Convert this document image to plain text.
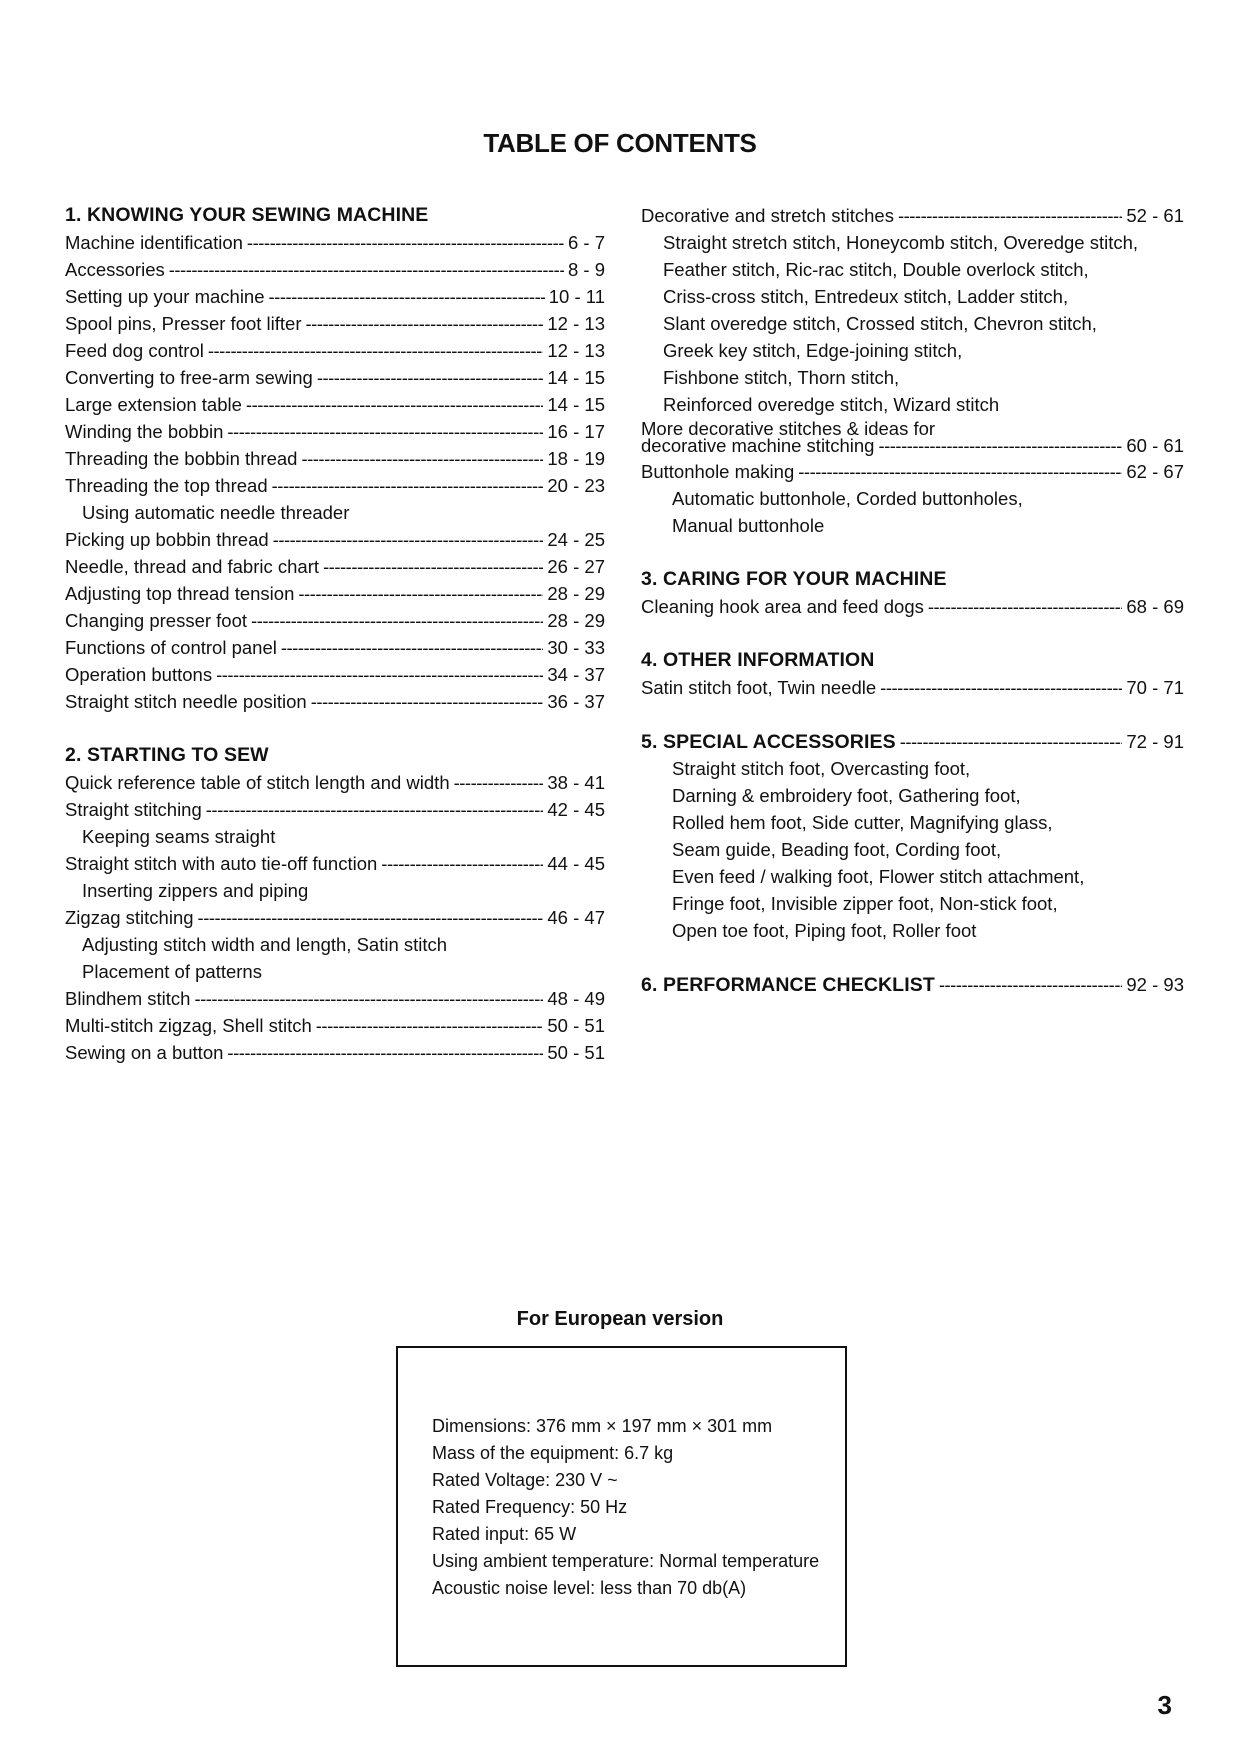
TABLE OF CONTENTS
1. KNOWING YOUR SEWING MACHINE
Machine identification -----	6 - 7
Accessories -----	8 - 9
Setting up your machine -----	10 - 11
Spool pins, Presser foot lifter -----	12 - 13
Feed dog control -----	12 - 13
Converting to free-arm sewing -----	14 - 15
Large extension table -----	14 - 15
Winding the bobbin -----	16 - 17
Threading the bobbin thread -----	18 - 19
Threading the top thread -----	20 - 23
Using automatic needle threader
Picking up bobbin thread -----	24 - 25
Needle, thread and fabric chart -----	26 - 27
Adjusting top thread tension -----	28 - 29
Changing presser foot -----	28 - 29
Functions of control panel -----	30 - 33
Operation buttons -----	34 - 37
Straight stitch needle position -----	36 - 37
2. STARTING TO SEW
Quick reference table of stitch length and width -----	38 - 41
Straight stitching -----	42 - 45
Keeping seams straight
Straight stitch with auto tie-off function -----	44 - 45
Inserting zippers and piping
Zigzag stitching -----	46 - 47
Adjusting stitch width and length, Satin stitch
Placement of patterns
Blindhem stitch -----	48 - 49
Multi-stitch zigzag, Shell stitch -----	50 - 51
Sewing on a button -----	50 - 51
Decorative and stretch stitches -----	52 - 61
Straight stretch stitch, Honeycomb stitch, Overedge stitch,
Feather stitch, Ric-rac stitch, Double overlock stitch,
Criss-cross stitch, Entredeux stitch, Ladder stitch,
Slant overedge stitch, Crossed stitch, Chevron stitch,
Greek key stitch, Edge-joining stitch,
Fishbone stitch, Thorn stitch,
Reinforced overedge stitch, Wizard stitch
More decorative stitches & ideas for
decorative machine stitching -----	60 - 61
Buttonhole making -----	62 - 67
Automatic buttonhole, Corded buttonholes,
Manual buttonhole
3. CARING FOR YOUR MACHINE
Cleaning hook area and feed dogs -----	68 - 69
4. OTHER INFORMATION
Satin stitch foot, Twin needle -----	70 - 71
5. SPECIAL ACCESSORIES -----	72 - 91
Straight stitch foot, Overcasting foot,
Darning & embroidery foot, Gathering foot,
Rolled hem foot, Side cutter, Magnifying glass,
Seam guide, Beading foot, Cording foot,
Even feed / walking foot, Flower stitch attachment,
Fringe foot, Invisible zipper foot, Non-stick foot,
Open toe foot, Piping foot, Roller foot
6. PERFORMANCE CHECKLIST -----	92 - 93
For European version
Dimensions: 376 mm × 197 mm × 301 mm
Mass of the equipment: 6.7 kg
Rated Voltage: 230 V ~
Rated Frequency: 50 Hz
Rated input: 65 W
Using ambient temperature: Normal temperature
Acoustic noise level: less than 70 db(A)
3
